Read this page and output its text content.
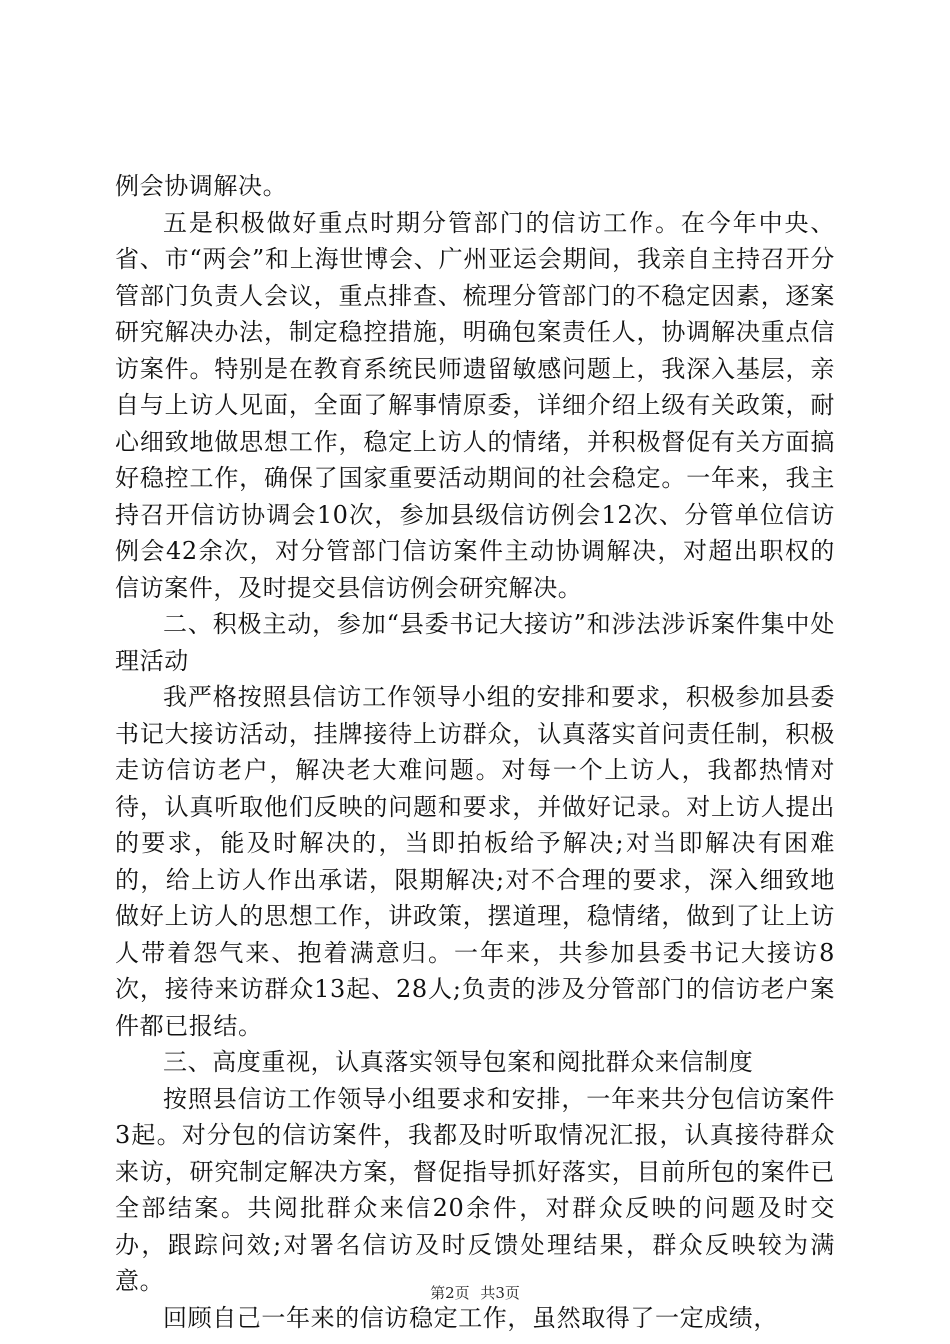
例会协调解决。

五是积极做好重点时期分管部门的信访工作。在今年中央、省、市“两会”和上海世博会、广州亚运会期间，我亲自主持召开分管部门负责人会议，重点排查、梳理分管部门的不稳定因素，逐案研究解决办法，制定稳控措施，明确包案责任人，协调解决重点信访案件。特别是在教育系统民师遗留敏感问题上，我深入基层，亲自与上访人见面，全面了解事情原委，详细介绍上级有关政策，耐心细致地做思想工作，稳定上访人的情绪，并积极督促有关方面搞好稳控工作，确保了国家重要活动期间的社会稳定。一年来，我主持召开信访协调会10次，参加县级信访例会12次、分管单位信访例会42余次，对分管部门信访案件主动协调解决，对超出职权的信访案件，及时提交县信访例会研究解决。

二、积极主动，参加“县委书记大接访”和涉法涉诉案件集中处理活动

我严格按照县信访工作领导小组的安排和要求，积极参加县委书记大接访活动，挂牌接待上访群众，认真落实首问责任制，积极走访信访老户，解决老大难问题。对每一个上访人，我都热情对待，认真听取他们反映的问题和要求，并做好记录。对上访人提出的要求，能及时解决的，当即拍板给予解决;对当即解决有困难的，给上访人作出承诺，限期解决;对不合理的要求，深入细致地做好上访人的思想工作，讲政策，摆道理，稳情绪，做到了让上访人带着怨气来、抱着满意归。一年来，共参加县委书记大接访8次，接待来访群众13起、28人;负责的涉及分管部门的信访老户案件都已报结。

三、高度重视，认真落实领导包案和阅批群众来信制度

按照县信访工作领导小组要求和安排，一年来共分包信访案件3起。对分包的信访案件，我都及时听取情况汇报，认真接待群众来访，研究制定解决方案，督促指导抓好落实，目前所包的案件已全部结案。共阅批群众来信20余件，对群众反映的问题及时交办，跟踪问效;对署名信访及时反馈处理结果，群众反映较为满意。

回顾自己一年来的信访稳定工作，虽然取得了一定成绩，

第2页 共3页
